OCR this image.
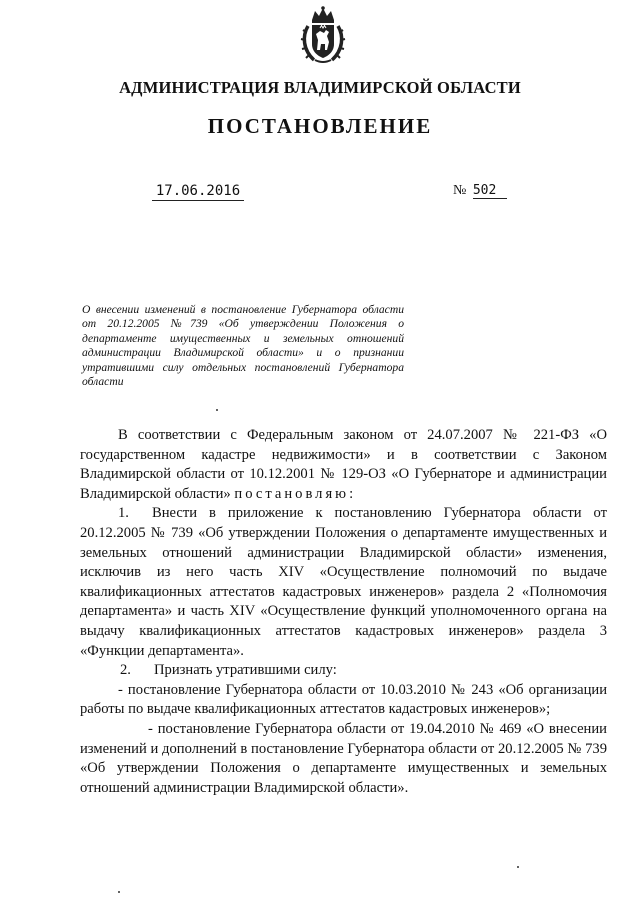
АДМИНИСТРАЦИЯ ВЛАДИМИРСКОЙ ОБЛАСТИ
ПОСТАНОВЛЕНИЕ
17.06.2016	№ 502
О внесении изменений в постановление Губернатора области от 20.12.2005 №739 «Об утверждении Положения о департаменте имущественных и земельных отношений администрации Владимирской области» и о признании утратившими силу отдельных постановлений Губернатора области

В соответствии с Федеральным законом от 24.07.2007 № 221-ФЗ «О государственном кадастре недвижимости» и в соответствии с Законом Владимирской области от 10.12.2001 № 129-ОЗ «О Губернаторе и администрации Владимирской области» постановляю:

1. Внести в приложение к постановлению Губернатора области от 20.12.2005 № 739 «Об утверждении Положения о департаменте имущественных и земельных отношений администрации Владимирской области» изменения, исключив из него часть XIV «Осуществление полномочий по выдаче квалификационных аттестатов кадастровых инженеров» раздела 2 «Полномочия департамента» и часть XIV «Осуществление функций уполномоченного органа на выдачу квалификационных аттестатов кадастровых инженеров» раздела 3 «Функции департамента».

2. Признать утратившими силу:

- постановление Губернатора области от 10.03.2010 № 243 «Об организации работы по выдаче квалификационных аттестатов кадастровых инженеров»;

- постановление Губернатора области от 19.04.2010 № 469 «О внесении изменений и дополнений в постановление Губернатора области от 20.12.2005 № 739 «Об утверждении Положения о департаменте имущественных и земельных отношений администрации Владимирской области».
